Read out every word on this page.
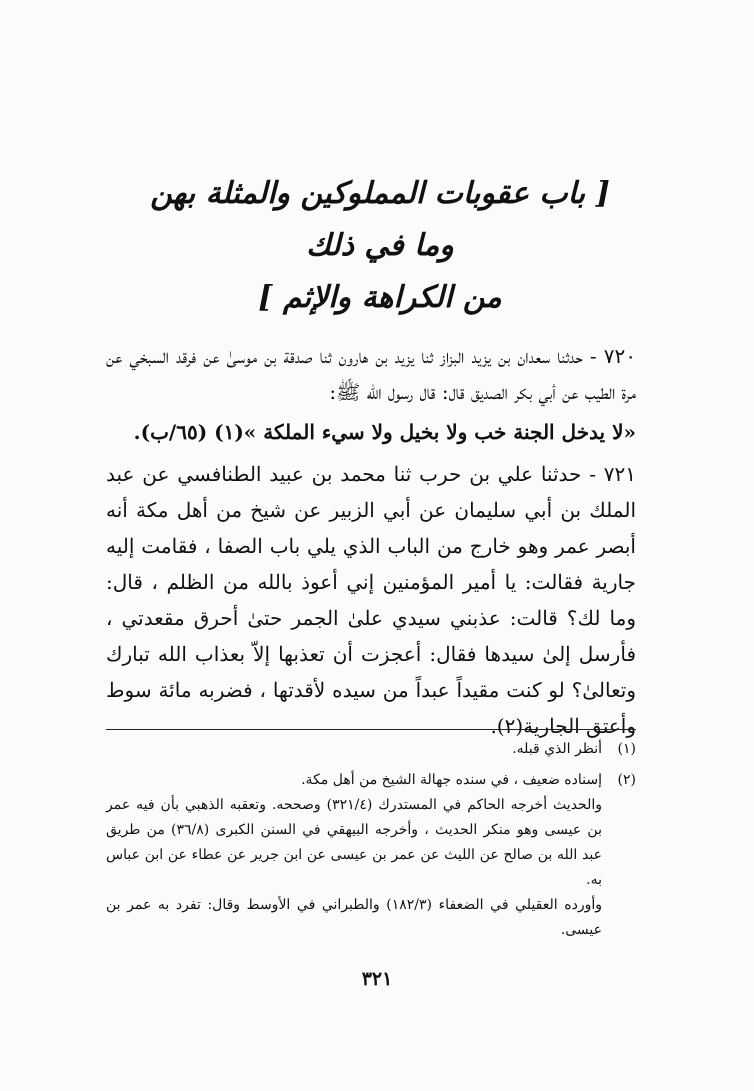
[ باب عقوبات المملوكين والمثلة بهن وما في ذلك
من الكراهة والإثم ]

٧٢٠ - حدثنا سعدان بن يزيد البزاز ثنا يزيد بن هارون ثنا صدقة بن موسىٰ عن فرقد السبخي عن مرة الطيب عن أبي بكر الصديق قال: قال رسول الله ﷺ:

«لا يدخل الجنة خب ولا بخيل ولا سيء الملكة »(١) (٦٥/ب).

٧٢١ - حدثنا علي بن حرب ثنا محمد بن عبيد الطنافسي عن عبد الملك بن أبي سليمان عن أبي الزبير عن شيخ من أهل مكة أنه أبصر عمر وهو خارج من الباب الذي يلي باب الصفا ، فقامت إليه جارية فقالت: يا أمير المؤمنين إني أعوذ بالله من الظلم ، قال: وما لك؟ قالت: عذبني سيدي علىٰ الجمر حتىٰ أحرق مقعدتي ، فأرسل إلىٰ سيدها فقال: أعجزت أن تعذبها إلاّ بعذاب الله تبارك وتعالىٰ؟ لو كنت مقيداً عبداً من سيده لأقدتها ، فضربه مائة سوط وأعتق الجارية(٢).

(١)
أنظر الذي قبله.
(٢)
إسناده ضعيف ، في سنده جهالة الشيخ من أهل مكة.
والحديث أخرجه الحاكم في المستدرك (٣٢١/٤) وصححه. وتعقبه الذهبي بأن فيه عمر بن عيسى وهو منكر الحديث ، وأخرجه البيهقي في السنن الكبرى (٣٦/٨) من طريق عبد الله بن صالح عن الليث عن عمر بن عيسى عن ابن جرير عن عطاء عن ابن عباس به.
وأورده العقيلي في الضعفاء (١٨٢/٣) والطبراني في الأوسط وقال: تفرد به عمر بن عيسى.
٣٢١
